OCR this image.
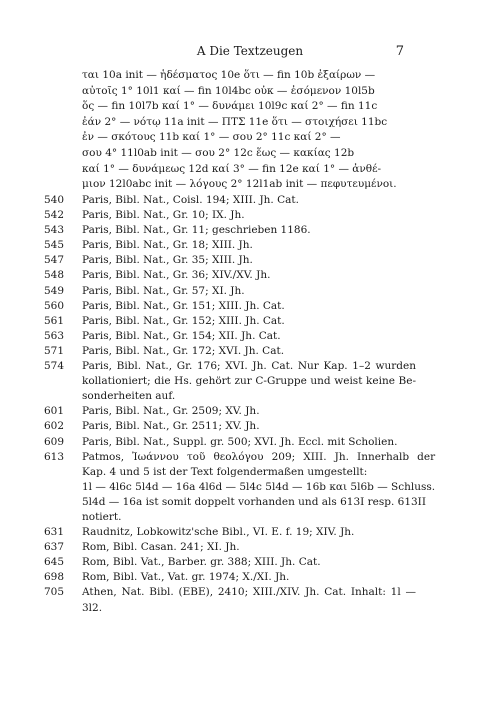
A Die Textzeugen	7
ται 10a init — ἡδέσματος 10e ὅτι — fin 10b ἐξαίρων —
αὐτοῖς 1° 10l1 καί — fin 10l4bc οὐκ — ἐσόμενον 10l5b
ὅς — fin 10l7b καί 1° — δυνάμει 10l9c καί 2° — fin 11c
ἐάν 2° — νότῳ 11a init — ΠΤΣ 11e ὅτι — στοιχήσει 11bc
ἐν — σκότους 11b καί 1° — σου 2° 11c καί 2° —
σου 4° 11l0ab init — σου 2° 12c ἕως — κακίας 12b
καί 1° — δυνάμεως 12d καί 3° — fin 12e καί 1° — ἀνθέ-
μιον 12l0abc init — λόγους 2° 12l1ab init — πεφυτευμένοι.
540	Paris, Bibl. Nat., Coisl. 194; XIII. Jh. Cat.
542	Paris, Bibl. Nat., Gr. 10; IX. Jh.
543	Paris, Bibl. Nat., Gr. 11; geschrieben 1186.
545	Paris, Bibl. Nat., Gr. 18; XIII. Jh.
547	Paris, Bibl. Nat., Gr. 35; XIII. Jh.
548	Paris, Bibl. Nat., Gr. 36; XIV./XV. Jh.
549	Paris, Bibl. Nat., Gr. 57; XI. Jh.
560	Paris, Bibl. Nat., Gr. 151; XIII. Jh. Cat.
561	Paris, Bibl. Nat., Gr. 152; XIII. Jh. Cat.
563	Paris, Bibl. Nat., Gr. 154; XII. Jh. Cat.
571	Paris, Bibl. Nat., Gr. 172; XVI. Jh. Cat.
574	Paris, Bibl. Nat., Gr. 176; XVI. Jh. Cat. Nur Kap. 1–2 wurden
kollationiert; die Hs. gehört zur C-Gruppe und weist keine Be-
sonderheiten auf.
601	Paris, Bibl. Nat., Gr. 2509; XV. Jh.
602	Paris, Bibl. Nat., Gr. 2511; XV. Jh.
609	Paris, Bibl. Nat., Suppl. gr. 500; XVI. Jh. Eccl. mit Scholien.
613	Patmos, Ἰωάννου τοῦ θεολόγου 209; XIII. Jh. Innerhalb der
Kap. 4 und 5 ist der Text folgendermaßen umgestellt:
1l — 4l6c 5l4d — 16a 4l6d — 5l4c 5l4d — 16b και 5l6b — Schluss.
5l4d — 16a ist somit doppelt vorhanden und als 613I resp. 613II
notiert.
631	Raudnitz, Lobkowitz'sche Bibl., VI. E. f. 19; XIV. Jh.
637	Rom, Bibl. Casan. 241; XI. Jh.
645	Rom, Bibl. Vat., Barber. gr. 388; XIII. Jh. Cat.
698	Rom, Bibl. Vat., Vat. gr. 1974; X./XI. Jh.
705	Athen, Nat. Bibl. (EBE), 2410; XIII./XIV. Jh. Cat. Inhalt: 1l —
3l2.
